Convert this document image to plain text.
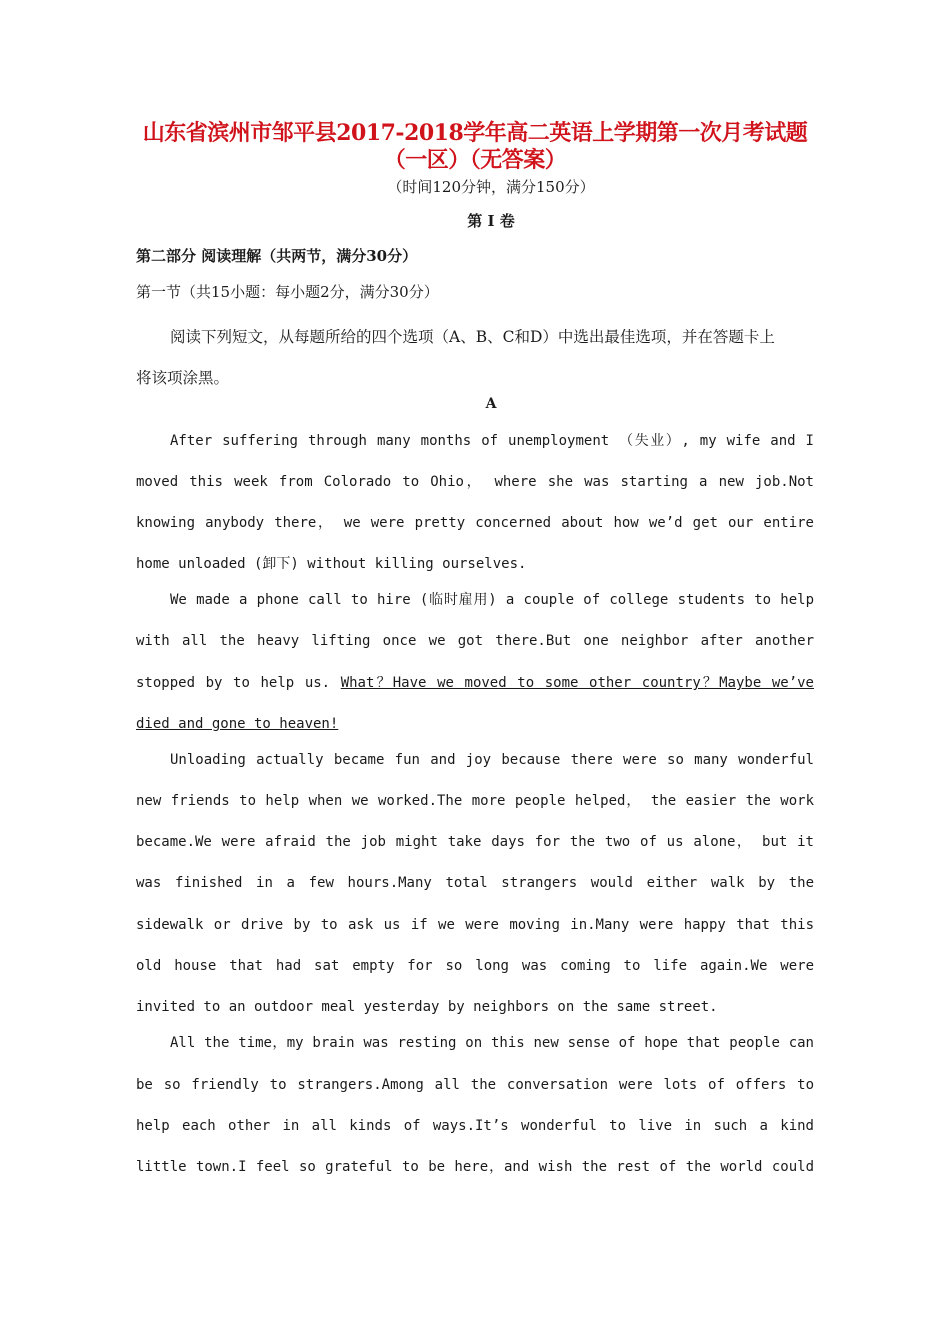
山东省滨州市邹平县2017-2018学年高二英语上学期第一次月考试题
（一区）（无答案）
（时间120分钟，满分150分）
第 I 卷
第二部分 阅读理解（共两节，满分30分）
第一节（共15小题：每小题2分，满分30分）
阅读下列短文，从每题所给的四个选项（A、B、C和D）中选出最佳选项，并在答题卡上
将该项涂黑。
A
After suffering through many months of unemployment （失业）, my wife and I
moved this week from Colorado to Ohio， where she was starting a new job.Not
knowing anybody there， we were pretty concerned about how we’d get our entire
home unloaded (卸下) without killing ourselves.
We made a phone call to hire (临时雇用) a couple of college students to help
with all the heavy lifting once we got there.But one neighbor after another
stopped by to help us. What？Have we moved to some other country？Maybe we’ve
died and gone to heaven!
Unloading actually became fun and joy because there were so many wonderful
new friends to help when we worked.The more people helped， the easier the work
became.We were afraid the job might take days for the two of us alone， but it
was finished in a few hours.Many total strangers would either walk by the
sidewalk or drive by to ask us if we were moving in.Many were happy that this
old house that had sat empty for so long was coming to life again.We were
invited to an outdoor meal yesterday by neighbors on the same street.
All the time，my brain was resting on this new sense of hope that people can
be so friendly to strangers.Among all the conversation were lots of offers to
help each other in all kinds of ways.It’s wonderful to live in such a kind
little town.I feel so grateful to be here，and wish the rest of the world could
